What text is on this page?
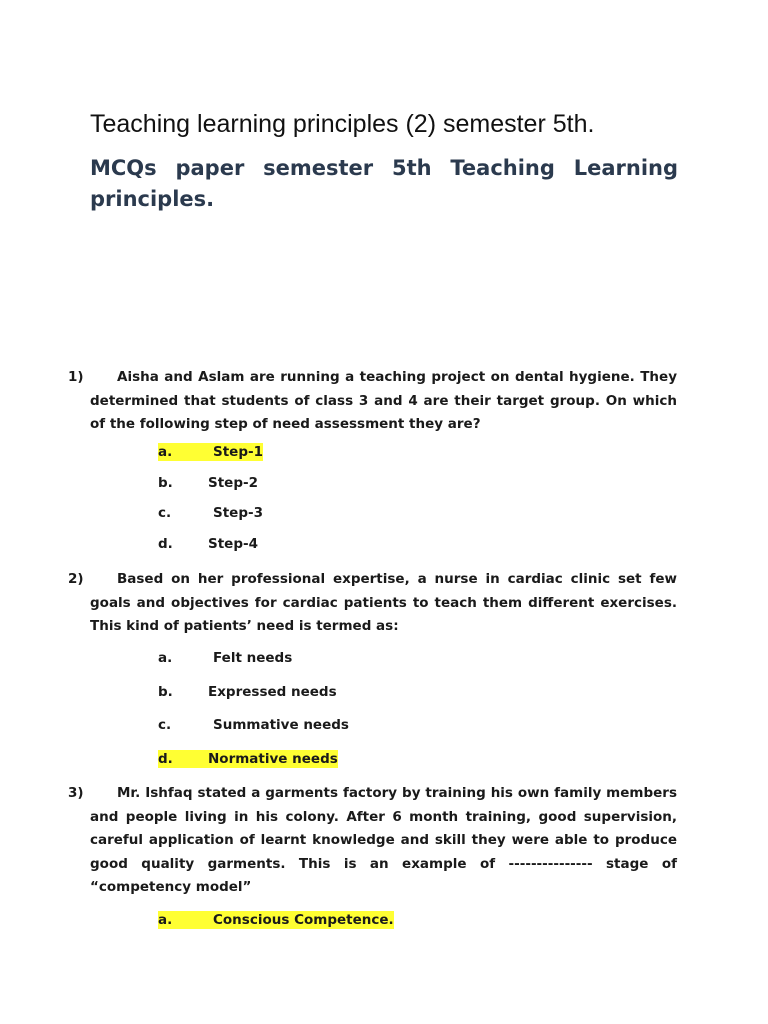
Teaching learning principles (2) semester 5th.
MCQs paper semester 5th Teaching Learning principles.
1)	Aisha and Aslam are running a teaching project on dental hygiene. They determined that students of class 3 and 4 are their target group. On which of the following step of need assessment they are?
a.	Step-1
b.	Step-2
c.	Step-3
d.	Step-4
2)	Based on her professional expertise, a nurse in cardiac clinic set few goals and objectives for cardiac patients to teach them different exercises. This kind of patients’ need is termed as:
a.	Felt needs
b.	Expressed needs
c.	Summative needs
d.	Normative needs
3)	Mr. Ishfaq stated a garments factory by training his own family members and people living in his colony. After 6 month training, good supervision, careful application of learnt knowledge and skill they were able to produce good quality garments. This is an example of --------------- stage of “competency model”
a.	Conscious Competence.
